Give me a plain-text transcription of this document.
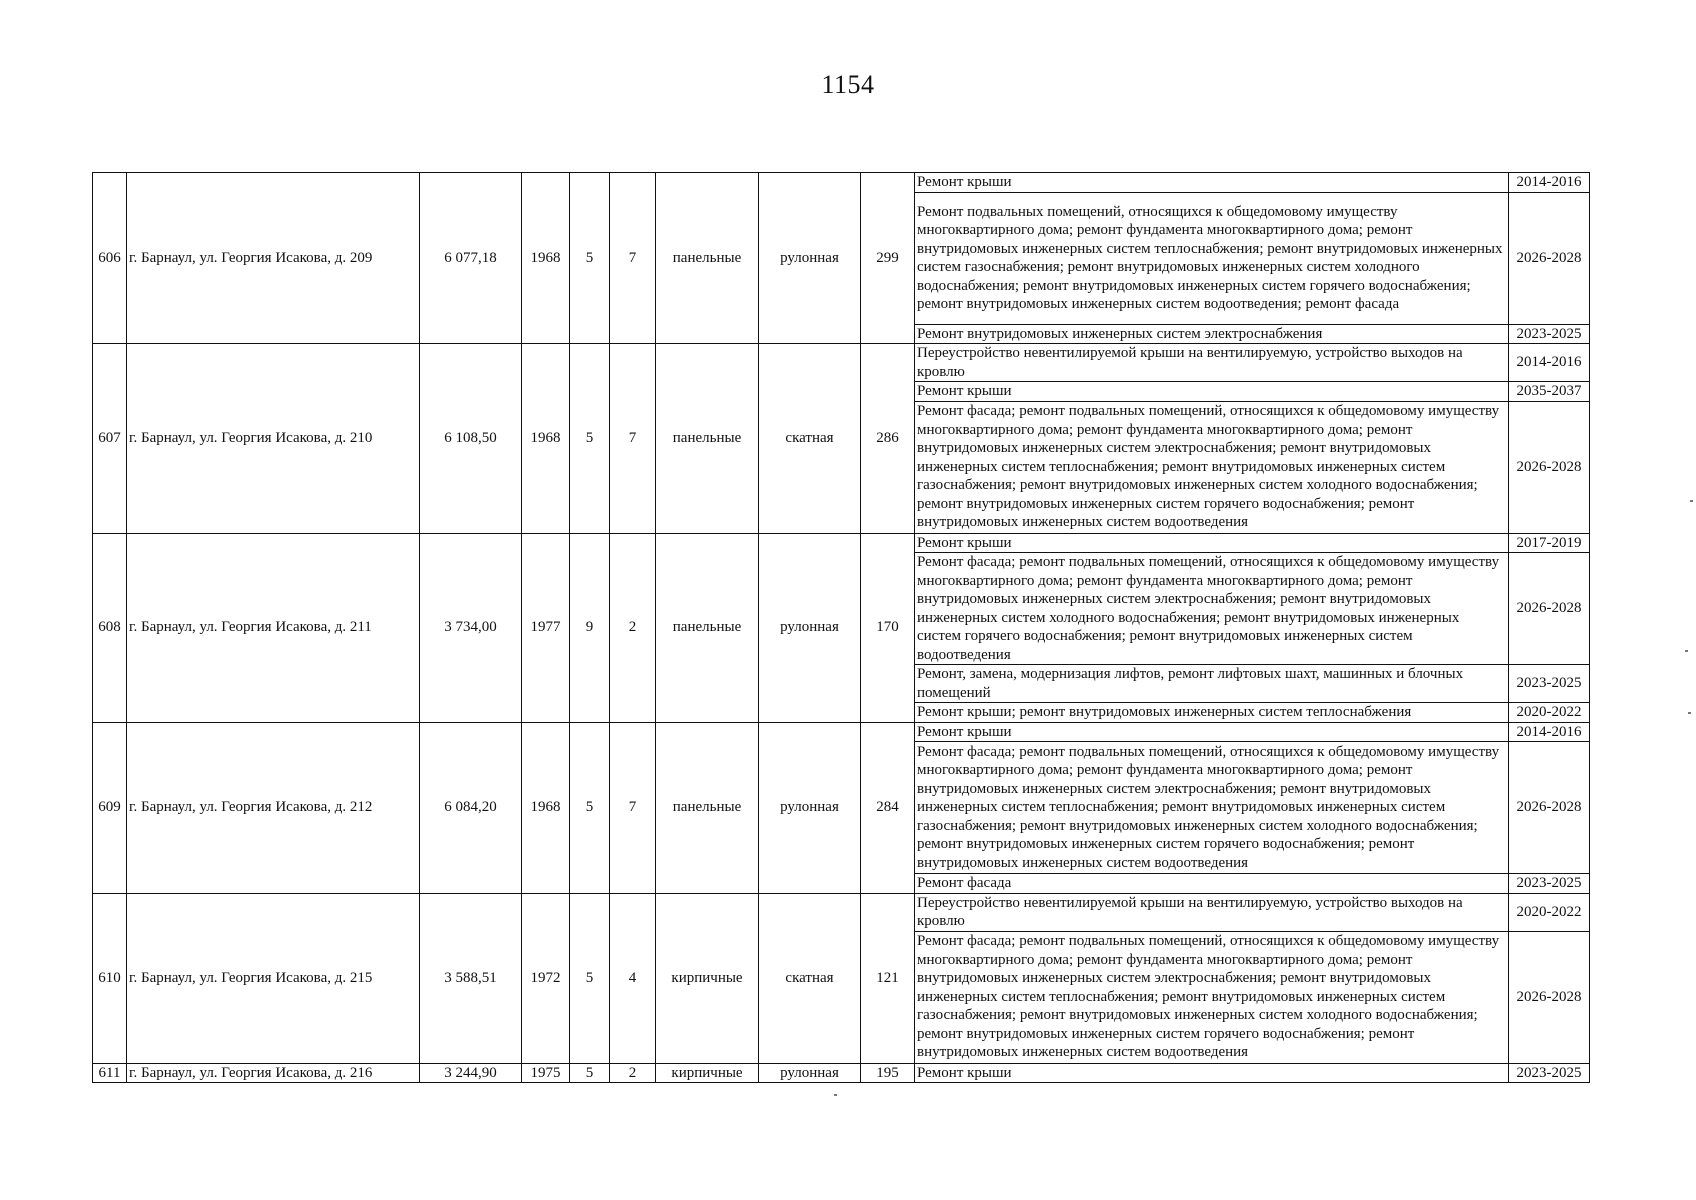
1154
606	г. Барнаул, ул. Георгия Исакова, д. 209	6 077,18	1968	5	7	панельные	рулонная	299	Ремонт крыши	2014-2016
									Ремонт подвальных помещений, относящихся к общедомовому имуществу многоквартирного дома; ремонт фундамента многоквартирного дома; ремонт внутридомовых инженерных систем теплоснабжения; ремонт внутридомовых инженерных систем газоснабжения; ремонт внутридомовых инженерных систем холодного водоснабжения; ремонт внутридомовых инженерных систем горячего водоснабжения; ремонт внутридомовых инженерных систем водоотведения; ремонт фасада	2026-2028
									Ремонт внутридомовых инженерных систем электроснабжения	2023-2025
607	г. Барнаул, ул. Георгия Исакова, д. 210	6 108,50	1968	5	7	панельные	скатная	286	Переустройство невентилируемой крыши на вентилируемую, устройство выходов на кровлю	2014-2016
									Ремонт крыши	2035-2037
									Ремонт фасада; ремонт подвальных помещений, относящихся к общедомовому имуществу многоквартирного дома; ремонт фундамента многоквартирного дома; ремонт внутридомовых инженерных систем электроснабжения; ремонт внутридомовых инженерных систем теплоснабжения; ремонт внутридомовых инженерных систем газоснабжения; ремонт внутридомовых инженерных систем холодного водоснабжения; ремонт внутридомовых инженерных систем горячего водоснабжения; ремонт внутридомовых инженерных систем водоотведения	2026-2028
608	г. Барнаул, ул. Георгия Исакова, д. 211	3 734,00	1977	9	2	панельные	рулонная	170	Ремонт крыши	2017-2019
									Ремонт фасада; ремонт подвальных помещений, относящихся к общедомовому имуществу многоквартирного дома; ремонт фундамента многоквартирного дома; ремонт внутридомовых инженерных систем электроснабжения; ремонт внутридомовых инженерных систем холодного водоснабжения; ремонт внутридомовых инженерных систем горячего водоснабжения; ремонт внутридомовых инженерных систем водоотведения	2026-2028
									Ремонт, замена, модернизация лифтов, ремонт лифтовых шахт, машинных и блочных помещений	2023-2025
									Ремонт крыши; ремонт внутридомовых инженерных систем теплоснабжения	2020-2022
609	г. Барнаул, ул. Георгия Исакова, д. 212	6 084,20	1968	5	7	панельные	рулонная	284	Ремонт крыши	2014-2016
									Ремонт фасада; ремонт подвальных помещений, относящихся к общедомовому имуществу многоквартирного дома; ремонт фундамента многоквартирного дома; ремонт внутридомовых инженерных систем электроснабжения; ремонт внутридомовых инженерных систем теплоснабжения; ремонт внутридомовых инженерных систем газоснабжения; ремонт внутридомовых инженерных систем холодного водоснабжения; ремонт внутридомовых инженерных систем горячего водоснабжения; ремонт внутридомовых инженерных систем водоотведения	2026-2028
									Ремонт фасада	2023-2025
610	г. Барнаул, ул. Георгия Исакова, д. 215	3 588,51	1972	5	4	кирпичные	скатная	121	Переустройство невентилируемой крыши на вентилируемую, устройство выходов на кровлю	2020-2022
									Ремонт фасада; ремонт подвальных помещений, относящихся к общедомовому имуществу многоквартирного дома; ремонт фундамента многоквартирного дома; ремонт внутридомовых инженерных систем электроснабжения; ремонт внутридомовых инженерных систем теплоснабжения; ремонт внутридомовых инженерных систем газоснабжения; ремонт внутридомовых инженерных систем холодного водоснабжения; ремонт внутридомовых инженерных систем горячего водоснабжения; ремонт внутридомовых инженерных систем водоотведения	2026-2028
611	г. Барнаул, ул. Георгия Исакова, д. 216	3 244,90	1975	5	2	кирпичные	рулонная	195	Ремонт крыши	2023-2025
